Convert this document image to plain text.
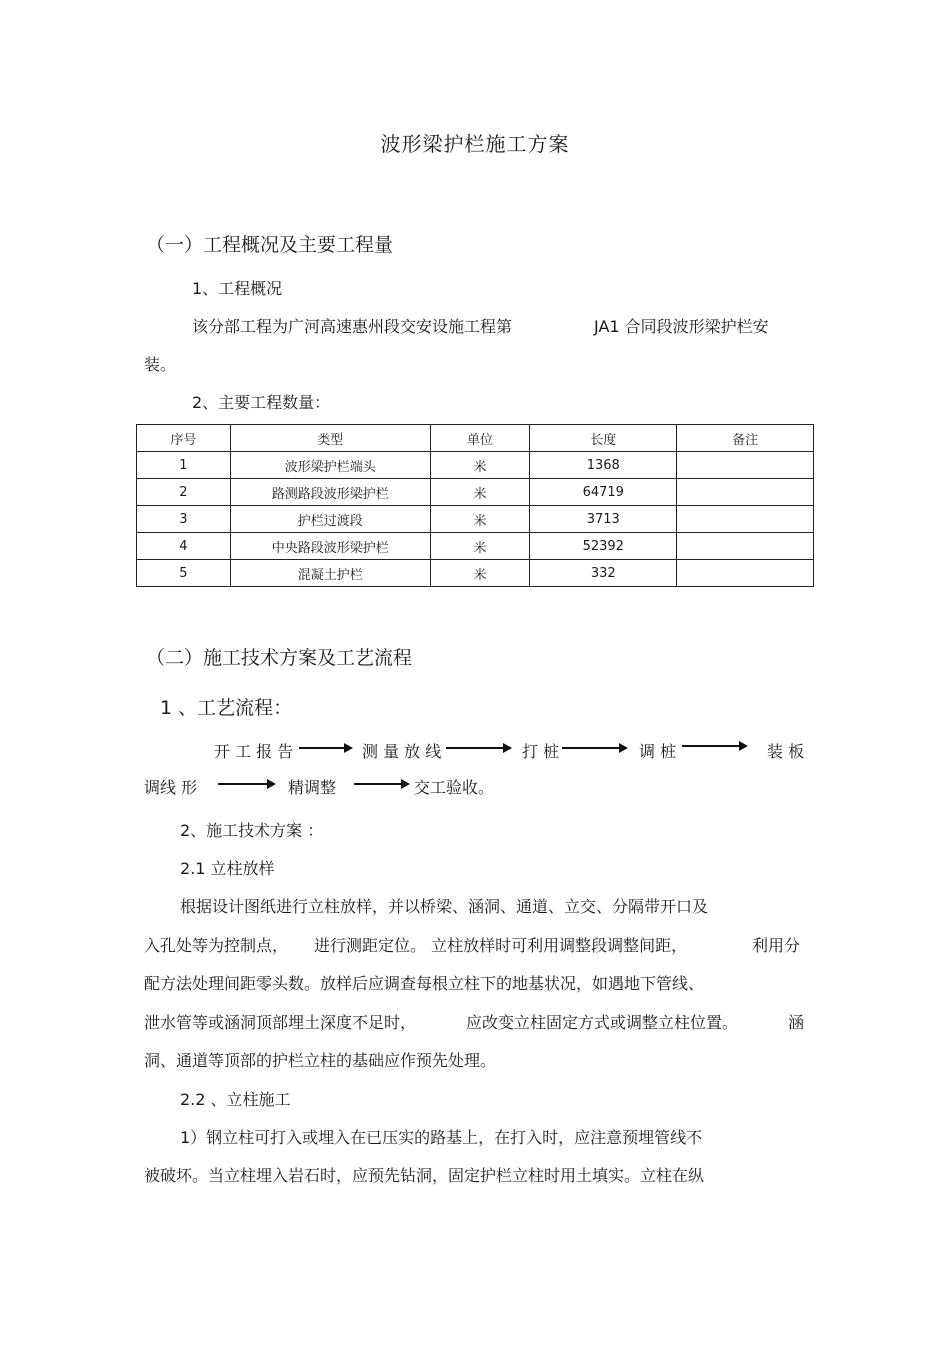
波形梁护栏施工方案
（一）工程概况及主要工程量
1、工程概况
该分部工程为广河高速惠州段交安设施工程第	JA1 合同段波形梁护栏安
装。
2、主要工程数量：
序号	类型	单位	长度	备注
1	波形梁护栏端头	米	1368	
2	路测路段波形梁护栏	米	64719	
3	护栏过渡段	米	3713	
4	中央路段波形梁护栏	米	52392	
5	混凝土护栏	米	332	
（二）施工技术方案及工艺流程
1 、工艺流程：
开 工 报 告	测 量 放 线	打 桩	调 桩	装 板
调线 形	精调整	交工验收。
2、施工技术方案 ：
2.1 立柱放样
根据设计图纸进行立柱放样，并以桥梁、涵洞、通道、立交、分隔带开口及
入孔处等为控制点， 进行测距定位。 立柱放样时可利用调整段调整间距，	利用分
配方法处理间距零头数。放样后应调查每根立柱下的地基状况，如遇地下管线、
泄水管等或涵洞顶部埋土深度不足时，	应改变立柱固定方式或调整立柱位置。	涵
洞、通道等顶部的护栏立柱的基础应作预先处理。
2.2 、立柱施工
1）钢立柱可打入或埋入在已压实的路基上，在打入时，应注意预埋管线不
被破坏。当立柱埋入岩石时，应预先钻洞，固定护栏立柱时用土填实。立柱在纵
